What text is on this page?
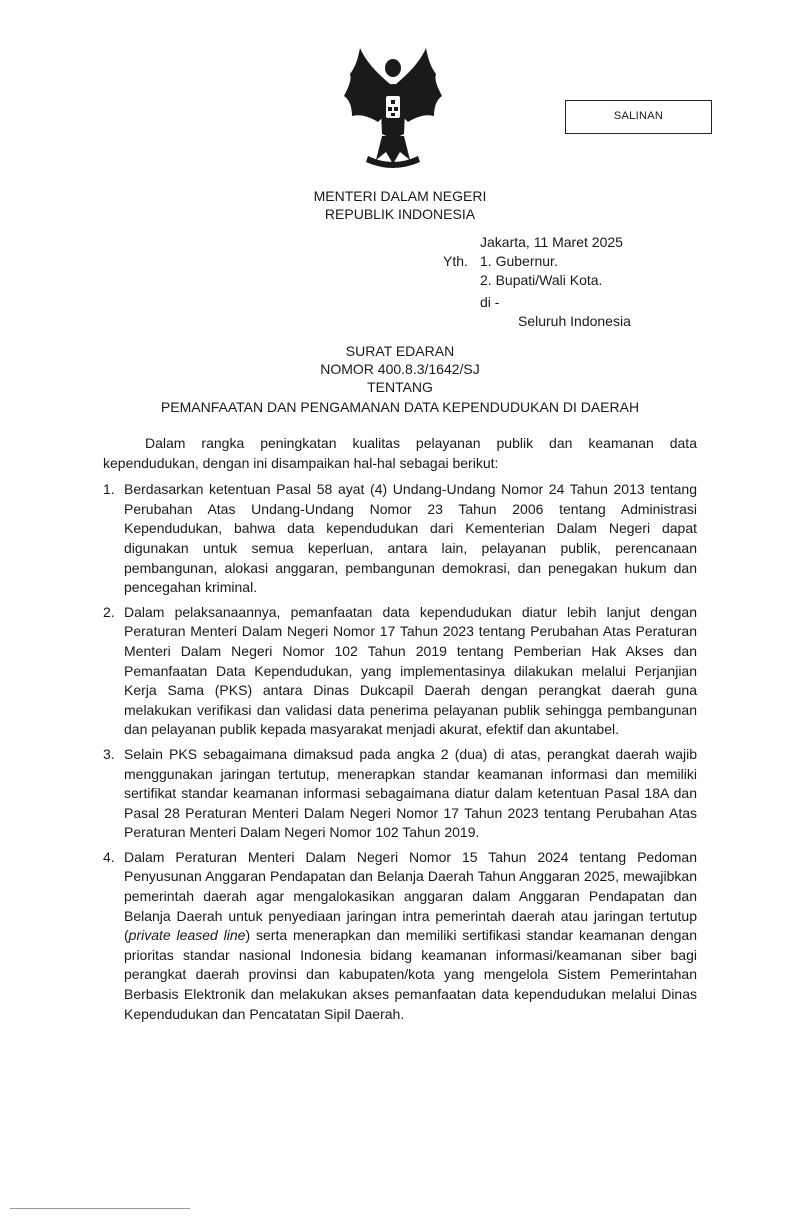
SALINAN
MENTERI DALAM NEGERI
REPUBLIK INDONESIA
Jakarta, 11 Maret 2025
Yth. 1. Gubernur.
2. Bupati/Wali Kota.
di -
Seluruh Indonesia
SURAT EDARAN
NOMOR 400.8.3/1642/SJ
TENTANG
PEMANFAATAN DAN PENGAMANAN DATA KEPENDUDUKAN DI DAERAH

Dalam rangka peningkatan kualitas pelayanan publik dan keamanan data kependudukan, dengan ini disampaikan hal-hal sebagai berikut:

1. Berdasarkan ketentuan Pasal 58 ayat (4) Undang-Undang Nomor 24 Tahun 2013 tentang Perubahan Atas Undang-Undang Nomor 23 Tahun 2006 tentang Administrasi Kependudukan, bahwa data kependudukan dari Kementerian Dalam Negeri dapat digunakan untuk semua keperluan, antara lain, pelayanan publik, perencanaan pembangunan, alokasi anggaran, pembangunan demokrasi, dan penegakan hukum dan pencegahan kriminal.
2. Dalam pelaksanaannya, pemanfaatan data kependudukan diatur lebih lanjut dengan Peraturan Menteri Dalam Negeri Nomor 17 Tahun 2023 tentang Perubahan Atas Peraturan Menteri Dalam Negeri Nomor 102 Tahun 2019 tentang Pemberian Hak Akses dan Pemanfaatan Data Kependudukan, yang implementasinya dilakukan melalui Perjanjian Kerja Sama (PKS) antara Dinas Dukcapil Daerah dengan perangkat daerah guna melakukan verifikasi dan validasi data penerima pelayanan publik sehingga pembangunan dan pelayanan publik kepada masyarakat menjadi akurat, efektif dan akuntabel.
3. Selain PKS sebagaimana dimaksud pada angka 2 (dua) di atas, perangkat daerah wajib menggunakan jaringan tertutup, menerapkan standar keamanan informasi dan memiliki sertifikat standar keamanan informasi sebagaimana diatur dalam ketentuan Pasal 18A dan Pasal 28 Peraturan Menteri Dalam Negeri Nomor 17 Tahun 2023 tentang Perubahan Atas Peraturan Menteri Dalam Negeri Nomor 102 Tahun 2019.
4. Dalam Peraturan Menteri Dalam Negeri Nomor 15 Tahun 2024 tentang Pedoman Penyusunan Anggaran Pendapatan dan Belanja Daerah Tahun Anggaran 2025, mewajibkan pemerintah daerah agar mengalokasikan anggaran dalam Anggaran Pendapatan dan Belanja Daerah untuk penyediaan jaringan intra pemerintah daerah atau jaringan tertutup (private leased line) serta menerapkan dan memiliki sertifikasi standar keamanan dengan prioritas standar nasional Indonesia bidang keamanan informasi/keamanan siber bagi perangkat daerah provinsi dan kabupaten/kota yang mengelola Sistem Pemerintahan Berbasis Elektronik dan melakukan akses pemanfaatan data kependudukan melalui Dinas Kependudukan dan Pencatatan Sipil Daerah.
